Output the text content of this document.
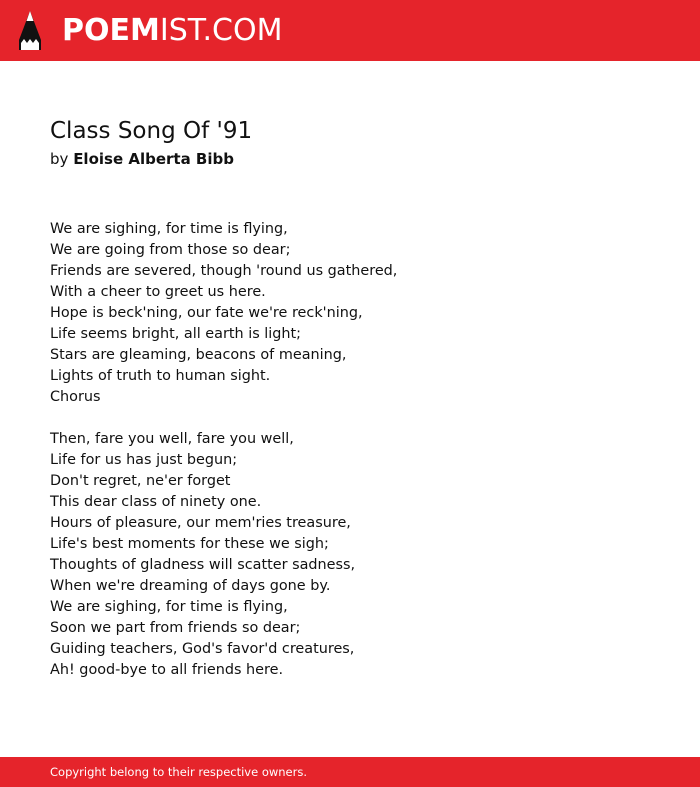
POEMIST.COM
Class Song Of '91
by Eloise Alberta Bibb
We are sighing, for time is flying,
We are going from those so dear;
Friends are severed, though 'round us gathered,
With a cheer to greet us here.
Hope is beck'ning, our fate we're reck'ning,
Life seems bright, all earth is light;
Stars are gleaming, beacons of meaning,
Lights of truth to human sight.
Chorus
Then, fare you well, fare you well,
Life for us has just begun;
Don't regret, ne'er forget
This dear class of ninety one.
Hours of pleasure, our mem'ries treasure,
Life's best moments for these we sigh;
Thoughts of gladness will scatter sadness,
When we're dreaming of days gone by.
We are sighing, for time is flying,
Soon we part from friends so dear;
Guiding teachers, God's favor'd creatures,
Ah! good-bye to all friends here.
Copyright belong to their respective owners.
